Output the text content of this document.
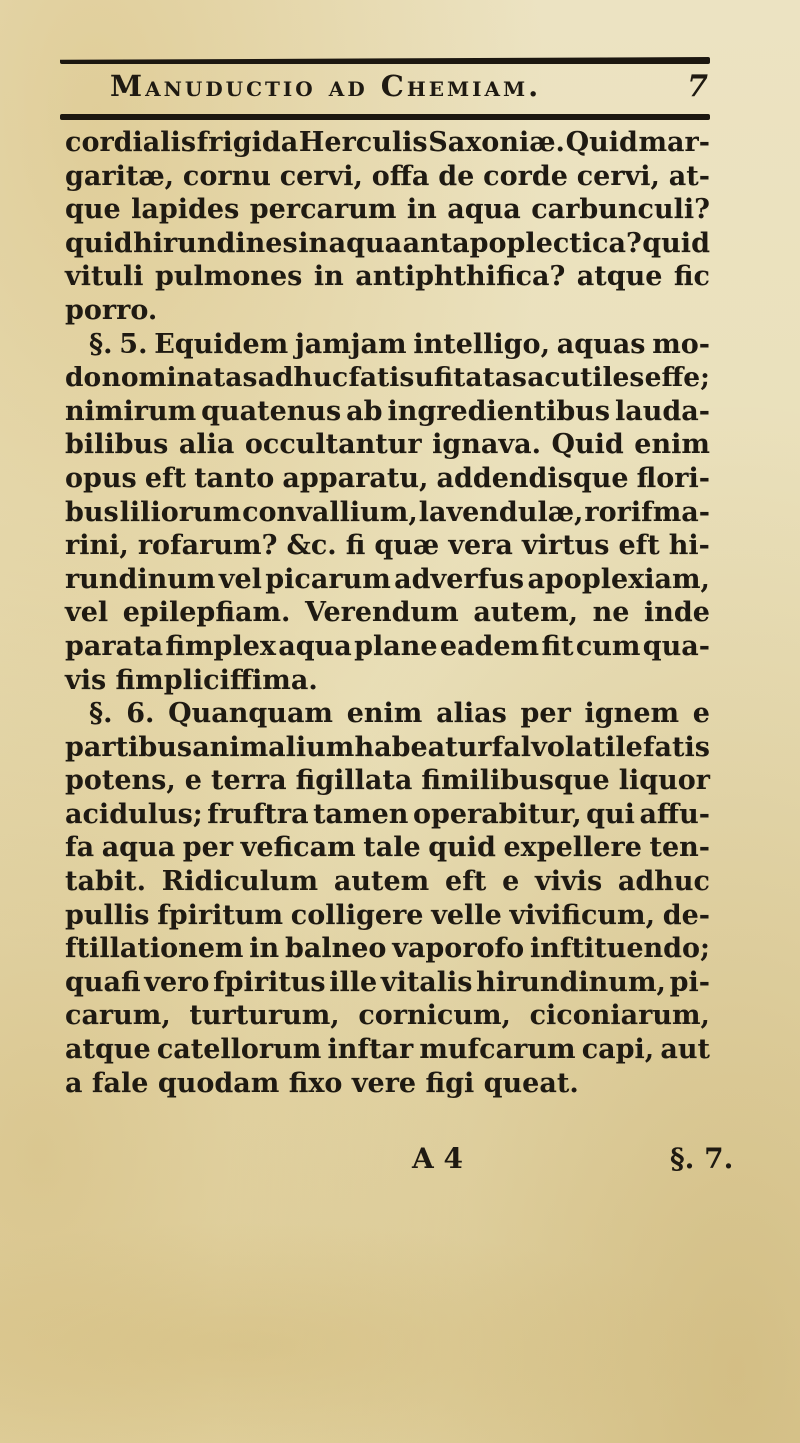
Manuductio ad Chemiam.	7
cordialis frigida Herculis Saxoniæ. Quid mar-
garitæ, cornu cervi, offa de corde cervi, at-
que lapides percarum in aqua carbunculi?
quid hirundines in aqua antapoplectica? quid
vituli pulmones in antiphthifica? atque fic
porro.
§. 5. Equidem jamjam intelligo, aquas mo-
do nominatas adhuc fatis ufitatas ac utiles effe;
nimirum quatenus ab ingredientibus lauda-
bilibus alia occultantur ignava. Quid enim
opus eft tanto apparatu, addendisque flori-
bus liliorum convallium, lavendulæ, rorifma-
rini, rofarum? &c. fi quæ vera virtus eft hi-
rundinum vel picarum adverfus apoplexiam,
vel epilepfiam. Verendum autem, ne inde
parata fimplex aqua plane eadem fit cum qua-
vis fimpliciffima.
§. 6. Quanquam enim alias per ignem e
partibus animalium habeatur fal volatile fatis
potens, e terra figillata fimilibusque liquor
acidulus; fruftra tamen operabitur, qui affu-
fa aqua per veficam tale quid expellere ten-
tabit. Ridiculum autem eft e vivis adhuc
pullis fpiritum colligere velle vivificum, de-
ftillationem in balneo vaporofo inftituendo;
quafi vero fpiritus ille vitalis hirundinum, pi-
carum, turturum, cornicum, ciconiarum,
atque catellorum inftar mufcarum capi, aut
a fale quodam fixo vere figi queat.
A 4	§. 7.
